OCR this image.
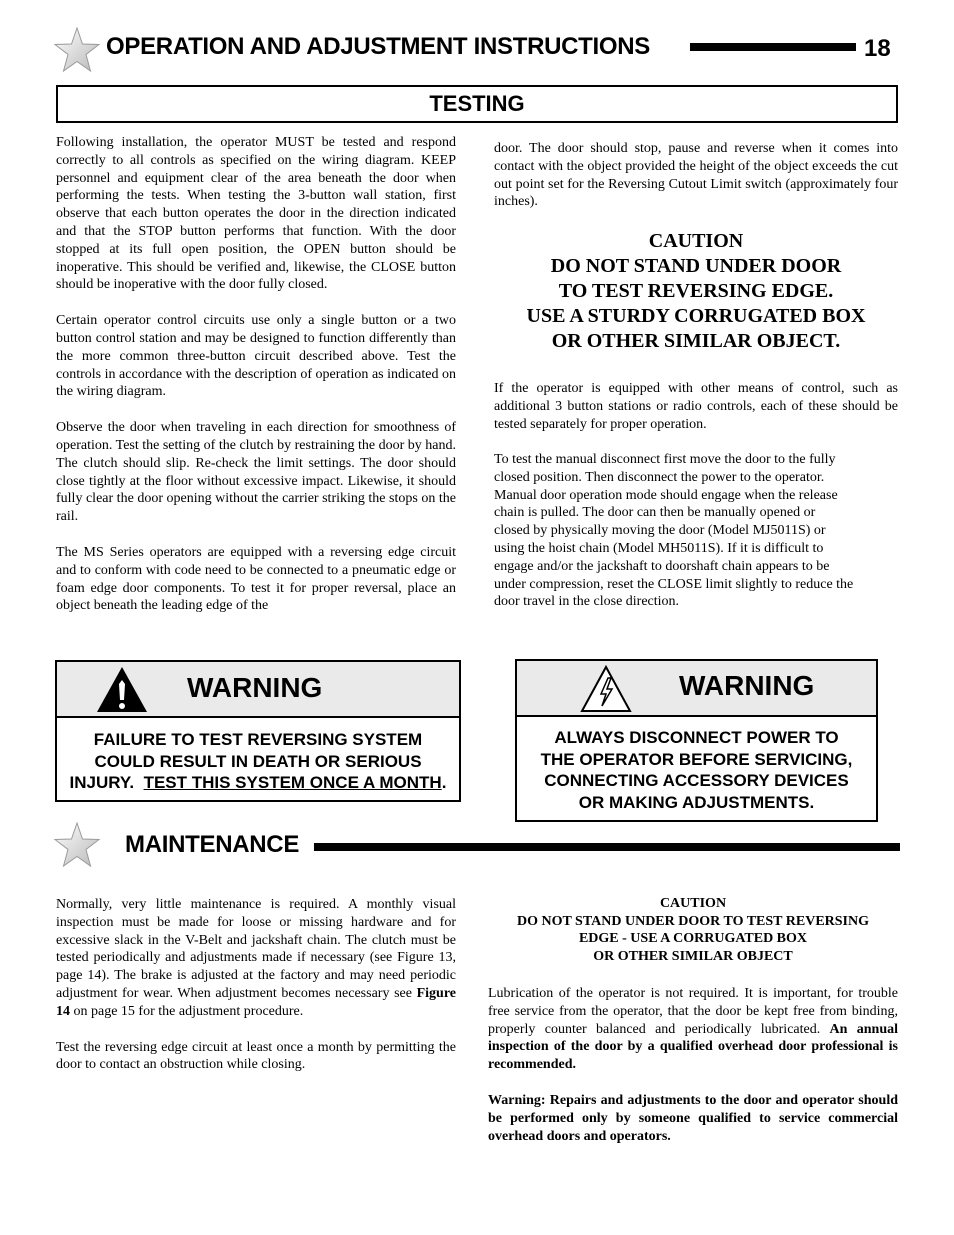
OPERATION AND ADJUSTMENT INSTRUCTIONS	18
TESTING

Following installation, the operator MUST be tested and respond correctly to all controls as specified on the wiring diagram. KEEP personnel and equipment clear of the area beneath the door when performing the tests. When testing the 3-button wall station, first observe that each button operates the door in the direction indicated and that the STOP button performs that function. With the door stopped at its full open position, the OPEN button should be inoperative. This should be verified and, likewise, the CLOSE button should be inoperative with the door fully closed.

Certain operator control circuits use only a single button or a two button control station and may be designed to function differently than the more common three-button circuit described above. Test the controls in accordance with the description of operation as indicated on the wiring diagram.

Observe the door when traveling in each direction for smoothness of operation. Test the setting of the clutch by restraining the door by hand. The clutch should slip. Re-check the limit settings. The door should close tightly at the floor without excessive impact. Likewise, it should fully clear the door opening without the carrier striking the stops on the rail.

The MS Series operators are equipped with a reversing edge circuit and to conform with code need to be connected to a pneumatic edge or foam edge door components. To test it for proper reversal, place an object beneath the leading edge of the

door. The door should stop, pause and reverse when it comes into contact with the object provided the height of the object exceeds the cut out point set for the Reversing Cutout Limit switch (approximately four inches).
CAUTION
DO NOT STAND UNDER DOOR
TO TEST REVERSING EDGE.
USE A STURDY CORRUGATED BOX
OR OTHER SIMILAR OBJECT.
If the operator is equipped with other means of control, such as additional 3 button stations or radio controls, each of these should be tested separately for proper operation.
To test the manual disconnect first move the door to the fully
closed position. Then disconnect the power to the operator.
Manual door operation mode should engage when the release
chain is pulled. The door can then be manually opened or
closed by physically moving the door (Model MJ5011S) or
using the hoist chain (Model MH5011S). If it is difficult to
engage and/or the jackshaft to doorshaft chain appears to be
under compression, reset the CLOSE limit slightly to reduce the
door travel in the close direction.
WARNING
FAILURE TO TEST REVERSING SYSTEM
COULD RESULT IN DEATH OR SERIOUS
INJURY.  TEST THIS SYSTEM ONCE A MONTH.
WARNING
ALWAYS DISCONNECT POWER TO
THE OPERATOR BEFORE SERVICING,
CONNECTING ACCESSORY DEVICES
OR MAKING ADJUSTMENTS.
MAINTENANCE

Normally, very little maintenance is required. A monthly visual inspection must be made for loose or missing hardware and for excessive slack in the V-Belt and jackshaft chain. The clutch must be tested periodically and adjustments made if necessary (see Figure 13, page 14). The brake is adjusted at the factory and may need periodic adjustment for wear. When adjustment becomes necessary see Figure 14 on page 15 for the adjustment procedure.

Test the reversing edge circuit at least once a month by permitting the door to contact an obstruction while closing.

CAUTION
DO NOT STAND UNDER DOOR TO TEST REVERSING
EDGE - USE A CORRUGATED BOX
OR OTHER SIMILAR OBJECT

Lubrication of the operator is not required. It is important, for trouble free service from the operator, that the door be kept free from binding, properly counter balanced and periodically lubricated. An annual inspection of the door by a qualified overhead door professional is recommended.

Warning: Repairs and adjustments to the door and operator should be performed only by someone qualified to service commercial overhead doors and operators.
